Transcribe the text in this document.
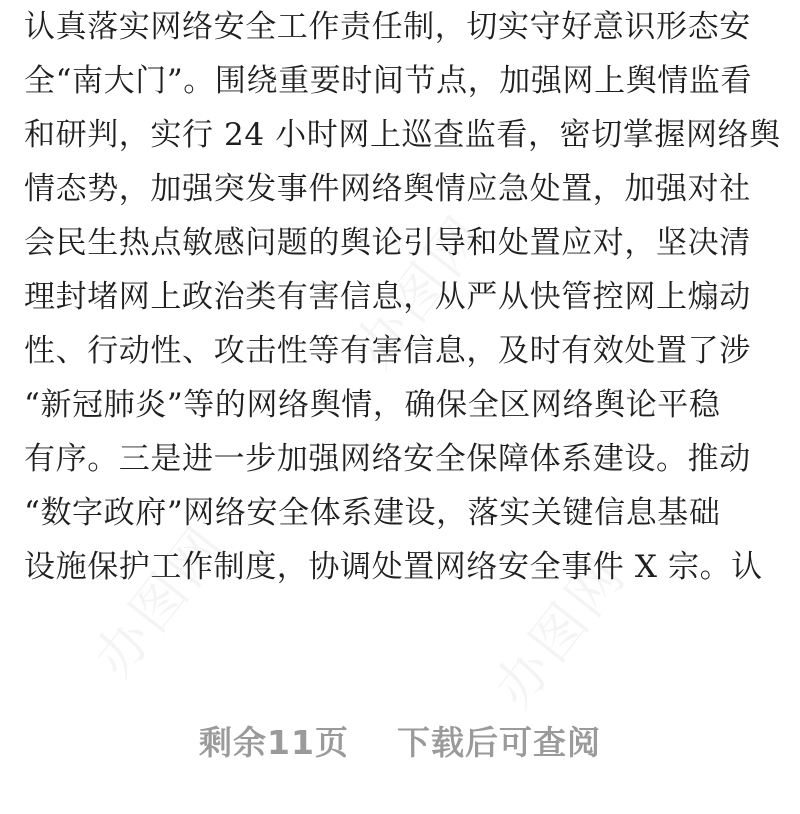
认真落实网络安全工作责任制，切实守好意识形态安
全“南大门”。围绕重要时间节点，加强网上舆情监看
和研判，实行 24 小时网上巡查监看，密切掌握网络舆
情态势，加强突发事件网络舆情应急处置，加强对社
会民生热点敏感问题的舆论引导和处置应对，坚决清
理封堵网上政治类有害信息，从严从快管控网上煽动
性、行动性、攻击性等有害信息，及时有效处置了涉
“新冠肺炎”等的网络舆情，确保全区网络舆论平稳
有序。三是进一步加强网络安全保障体系建设。推动
“数字政府”网络安全体系建设，落实关键信息基础
设施保护工作制度，协调处置网络安全事件 X 宗。认
剩余11页 下载后可查阅
